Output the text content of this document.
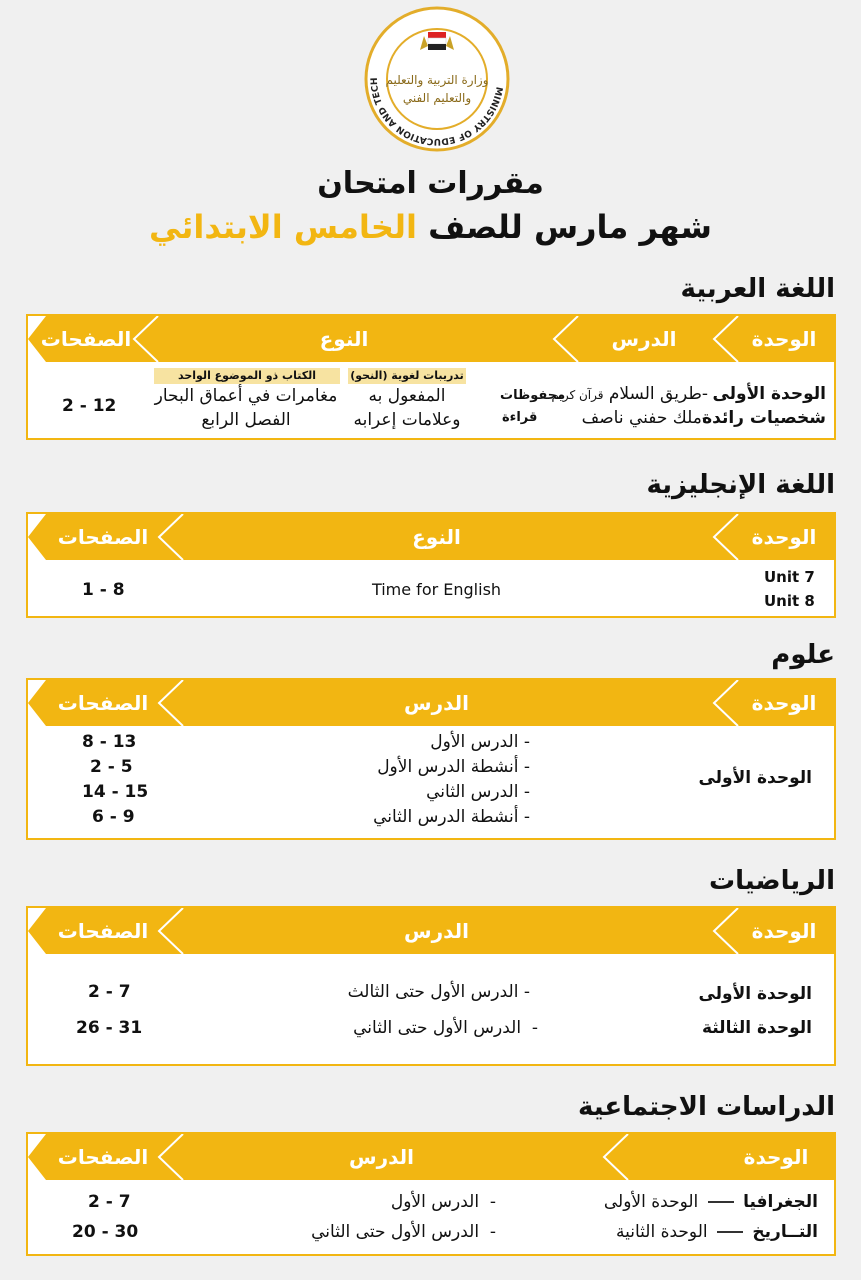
MINISTRY OF EDUCATION AND TECH وزارة التربية والتعليم
والتعليم الفني
مقررات امتحان
شهر مارس للصف الخامس الابتدائي
اللغة العربية
الوحدة
الدرس
النوع
الصفحات
الوحدة الأولى
شخصيات رائدة
-طريق السلام قرآن كريم
-ملك حفني ناصف
محفوظات
قراءة
تدريبات لغوية (النحو)
المفعول به
وعلامات إعرابه
الكتاب ذو الموضوع الواحد
مغامرات في أعماق البحار
الفصل الرابع
2 - 12
اللغة الإنجليزية
الوحدة
النوع
الصفحات
Unit 7
Unit 8
Time for English
1 - 8
علوم
الوحدة
الدرس
الصفحات
الوحدة الأولى
- الدرس الأول
- أنشطة الدرس الأول
- الدرس الثاني
- أنشطة الدرس الثاني
8 - 13
2 - 5
14 - 15
6 - 9
الرياضيات
الوحدة
الدرس
الصفحات
الوحدة الأولى
الوحدة الثالثة
- الدرس الأول حتى الثالث
-  الدرس الأول حتى الثاني
2 - 7
26 - 31
الدراسات الاجتماعية
الوحدة
الدرس
الصفحات
الجغرافيا  الوحدة الأولى
التــاريخ  الوحدة الثانية
-  الدرس الأول
-  الدرس الأول حتى الثاني
2 - 7
20 - 30
